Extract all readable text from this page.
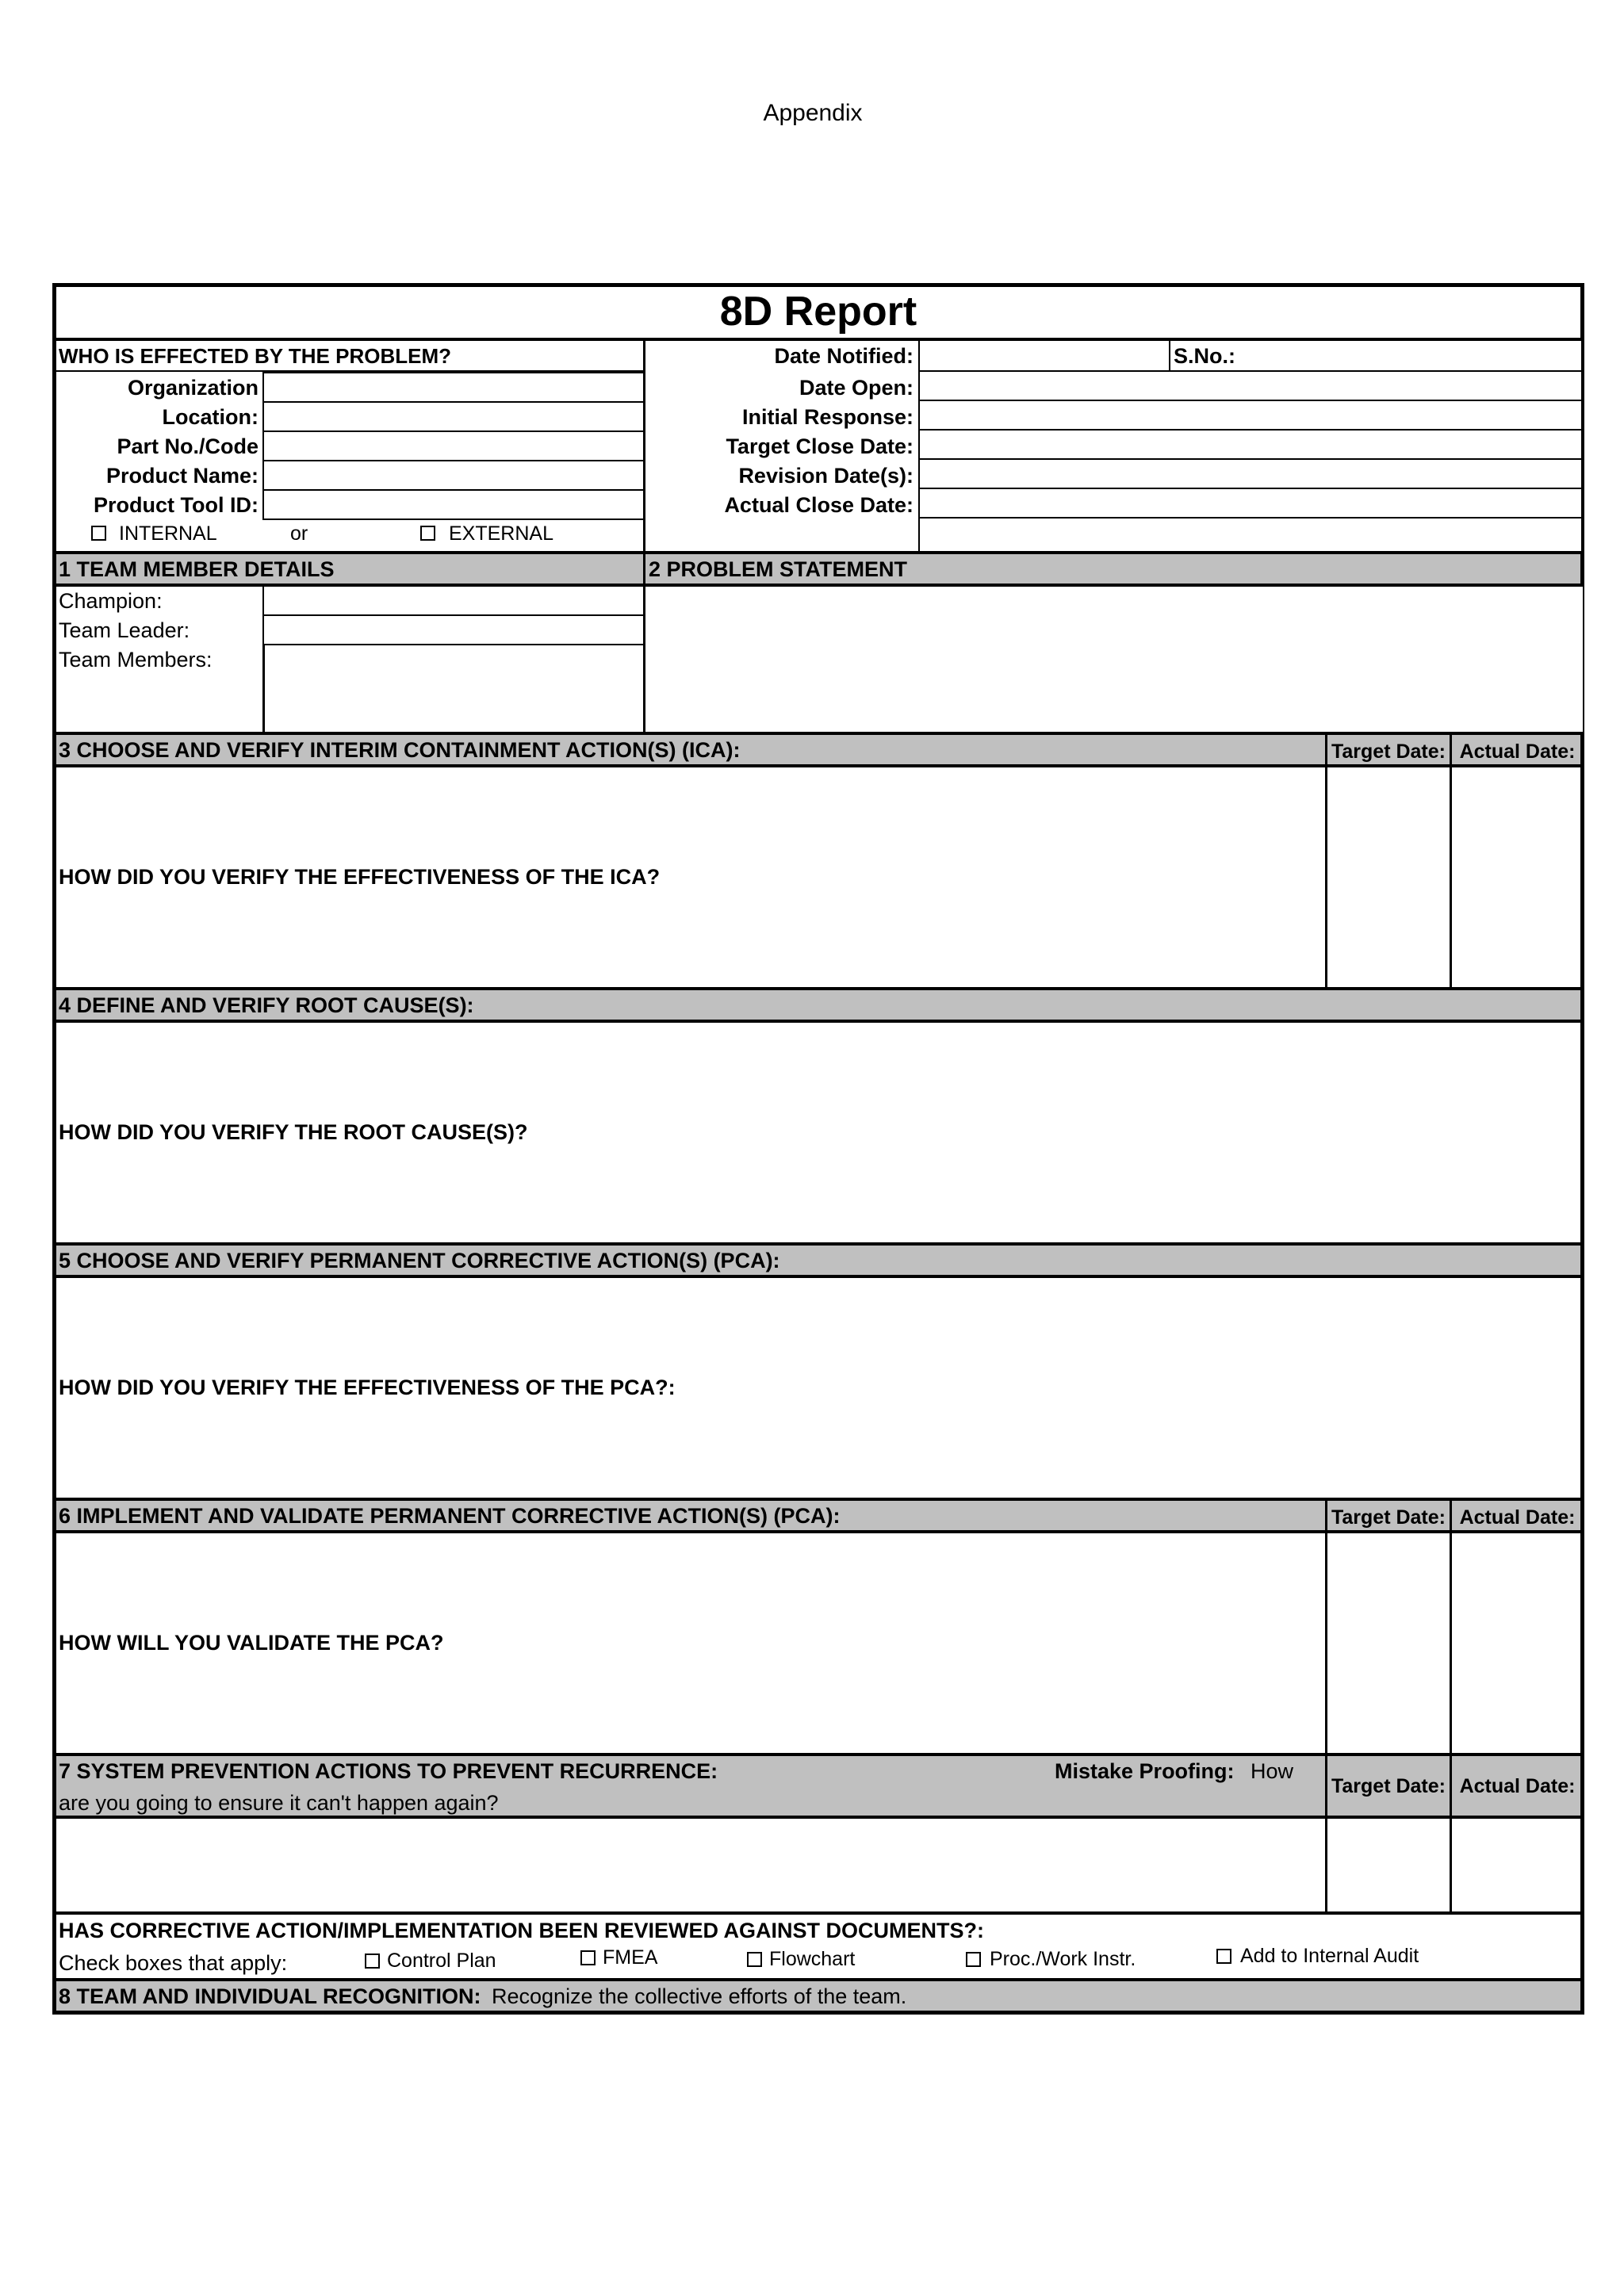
Appendix
8D Report
WHO IS EFFECTED BY THE PROBLEM?
Organization
Location:
Part No./Code
Product Name:
Product Tool ID:
INTERNAL	or	EXTERNAL
Date Notified:
Date Open:
Initial Response:
Target Close Date:
Revision Date(s):
Actual Close Date:
S.No.:
1 TEAM MEMBER DETAILS	2 PROBLEM STATEMENT
Champion:
Team Leader:
Team Members:
3 CHOOSE AND VERIFY INTERIM CONTAINMENT ACTION(S) (ICA):	Target Date: Actual Date:
HOW DID YOU VERIFY THE EFFECTIVENESS OF THE ICA?
4 DEFINE AND VERIFY ROOT CAUSE(S):
HOW DID YOU VERIFY THE ROOT CAUSE(S)?
5 CHOOSE AND VERIFY PERMANENT CORRECTIVE ACTION(S) (PCA):
HOW DID YOU VERIFY THE EFFECTIVENESS OF THE PCA?:
6 IMPLEMENT AND VALIDATE PERMANENT CORRECTIVE ACTION(S) (PCA):	Target Date: Actual Date:
HOW WILL YOU VALIDATE THE PCA?
7 SYSTEM PREVENTION ACTIONS TO PREVENT RECURRENCE:	Mistake Proofing: How
are you going to ensure it can't happen again?
Target Date: Actual Date:
HAS CORRECTIVE ACTION/IMPLEMENTATION BEEN REVIEWED AGAINST DOCUMENTS?:
Check boxes that apply:	Control Plan	FMEA	Flowchart	Proc./Work Instr.	Add to Internal Audit
8 TEAM AND INDIVIDUAL RECOGNITION: Recognize the collective efforts of the team.
